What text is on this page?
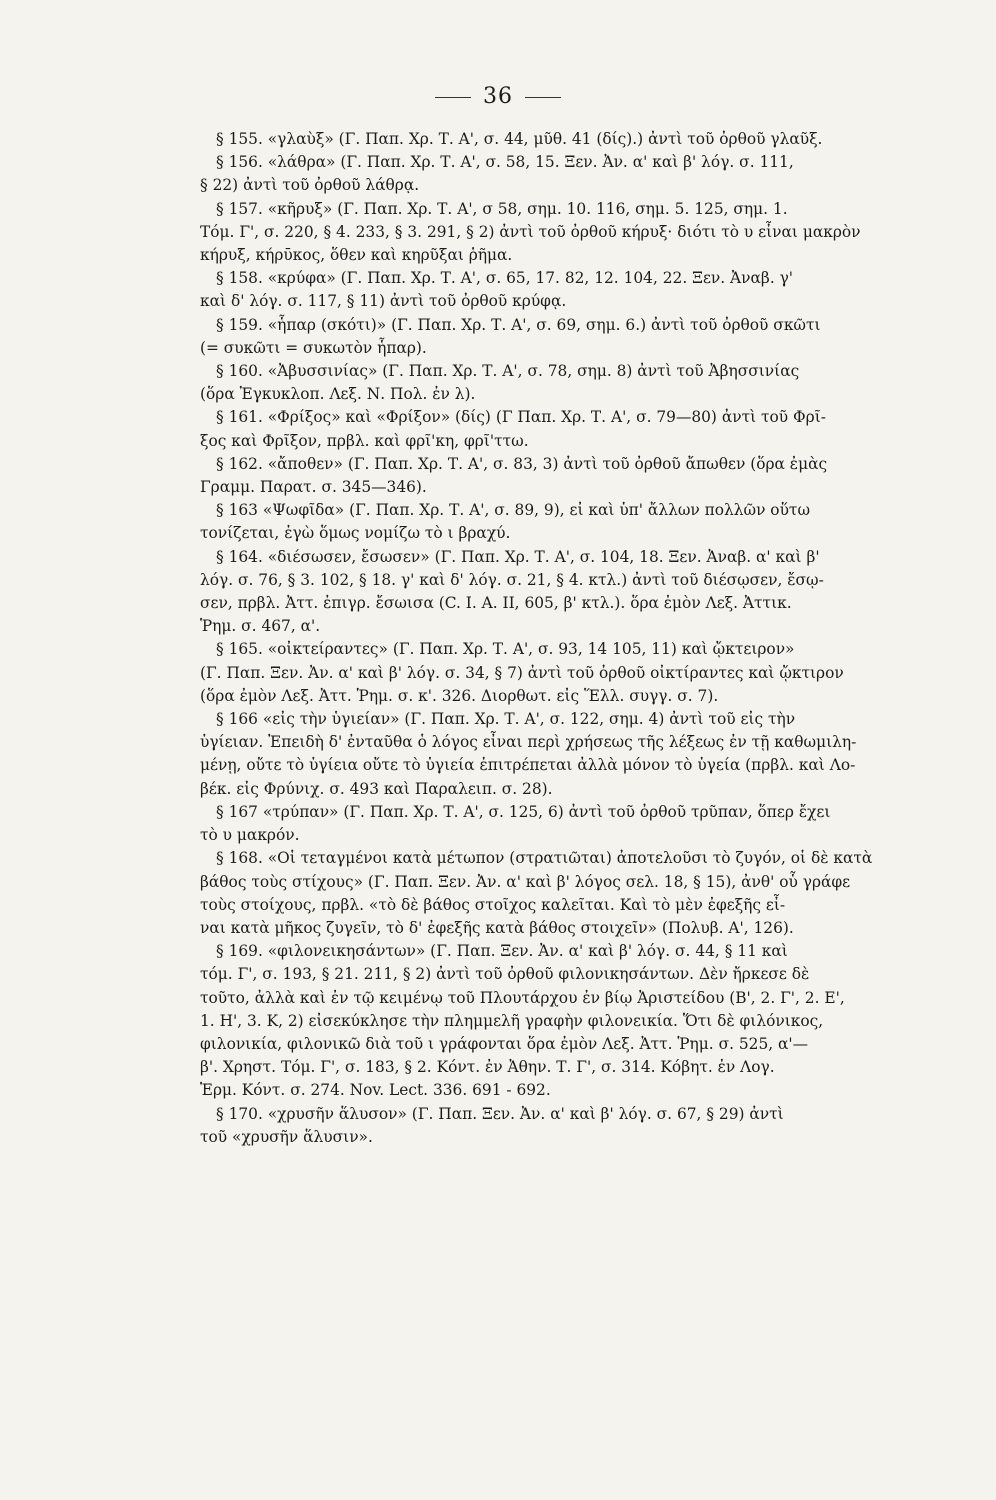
36
§ 155. «γλαὺξ» (Γ. Παπ. Χρ. Τ. Α', σ. 44, μῦθ. 41 (δίς).) ἀντὶ τοῦ ὀρθοῦ γλαῦξ.
§ 156. «λάθρα» (Γ. Παπ. Χρ. Τ. Α', σ. 58, 15. Ξεν. Ἀν. α' καὶ β' λόγ. σ. 111,
§ 22) ἀντὶ τοῦ ὀρθοῦ λάθρᾳ.
§ 157. «κῆρυξ» (Γ. Παπ. Χρ. Τ. Α', σ 58, σημ. 10. 116, σημ. 5. 125, σημ. 1.
Τόμ. Γ', σ. 220, § 4. 233, § 3. 291, § 2) ἀντὶ τοῦ ὀρθοῦ κήρυξ· διότι τὸ υ εἶναι μακρὸν
κήρυξ, κήρῡκος, ὅθεν καὶ κηρῦξαι ῥῆμα.
§ 158. «κρύφα» (Γ. Παπ. Χρ. Τ. Α', σ. 65, 17. 82, 12. 104, 22. Ξεν. Ἀναβ. γ'
καὶ δ' λόγ. σ. 117, § 11) ἀντὶ τοῦ ὀρθοῦ κρύφᾳ.
§ 159. «ἧπαρ (σκότι)» (Γ. Παπ. Χρ. Τ. Α', σ. 69, σημ. 6.) ἀντὶ τοῦ ὀρθοῦ σκῶτι
(= συκῶτι = συκωτὸν ἧπαρ).
§ 160. «Ἀβυσσινίας» (Γ. Παπ. Χρ. Τ. Α', σ. 78, σημ. 8) ἀντὶ τοῦ Ἀβησσινίας
(ὅρα Ἐγκυκλοπ. Λεξ. Ν. Πολ. ἐν λ).
§ 161. «Φρίξος» καὶ «Φρίξον» (δίς) (Γ Παπ. Χρ. Τ. Α', σ. 79—80) ἀντὶ τοῦ Φρῖ-
ξος καὶ Φρῖξον, πρβλ. καὶ φρῖ'κη, φρῖ'ττω.
§ 162. «ἄποθεν» (Γ. Παπ. Χρ. Τ. Α', σ. 83, 3) ἀντὶ τοῦ ὀρθοῦ ἄπωθεν (ὅρα ἐμὰς
Γραμμ. Παρατ. σ. 345—346).
§ 163 «Ψωφῖδα» (Γ. Παπ. Χρ. Τ. Α', σ. 89, 9), εἰ καὶ ὑπ' ἄλλων πολλῶν οὕτω
τονίζεται, ἐγὼ ὅμως νομίζω τὸ ι βραχύ.
§ 164. «διέσωσεν, ἔσωσεν» (Γ. Παπ. Χρ. Τ. Α', σ. 104, 18. Ξεν. Ἀναβ. α' καὶ β'
λόγ. σ. 76, § 3. 102, § 18. γ' καὶ δ' λόγ. σ. 21, § 4. κτλ.) ἀντὶ τοῦ διέσῳσεν, ἔσῳ-
σεν, πρβλ. Ἀττ. ἐπιγρ. ἔσωισα (C. I. A. II, 605, β' κτλ.). ὅρα ἐμὸν Λεξ. Ἀττικ.
Ῥημ. σ. 467, α'.
§ 165. «οἰκτείραντες» (Γ. Παπ. Χρ. Τ. Α', σ. 93, 14 105, 11) καὶ ᾤκτειρον»
(Γ. Παπ. Ξεν. Ἀν. α' καὶ β' λόγ. σ. 34, § 7) ἀντὶ τοῦ ὀρθοῦ οἰκτίραντες καὶ ᾤκτιρον
(ὅρα ἐμὸν Λεξ. Ἀττ. Ῥημ. σ. κ'. 326. Διορθωτ. εἰς Ἕλλ. συγγ. σ. 7).
§ 166 «εἰς τὴν ὑγιείαν» (Γ. Παπ. Χρ. Τ. Α', σ. 122, σημ. 4) ἀντὶ τοῦ εἰς τὴν
ὑγίειαν. Ἐπειδὴ δ' ἐνταῦθα ὁ λόγος εἶναι περὶ χρήσεως τῆς λέξεως ἐν τῇ καθωμιλη-
μένῃ, οὔτε τὸ ὑγίεια οὔτε τὸ ὑγιεία ἐπιτρέπεται ἀλλὰ μόνον τὸ ὑγεία (πρβλ. καὶ Λο-
βέκ. εἰς Φρύνιχ. σ. 493 καὶ Παραλειπ. σ. 28).
§ 167 «τρύπαν» (Γ. Παπ. Χρ. Τ. Α', σ. 125, 6) ἀντὶ τοῦ ὀρθοῦ τρῦπαν, ὅπερ ἔχει
τὸ υ μακρόν.
§ 168. «Οἱ τεταγμένοι κατὰ μέτωπον (στρατιῶται) ἀποτελοῦσι τὸ ζυγόν, οἱ δὲ κατὰ
βάθος τοὺς στίχους» (Γ. Παπ. Ξεν. Ἀν. α' καὶ β' λόγος σελ. 18, § 15), ἀνθ' οὗ γράφε
τοὺς στοίχους, πρβλ. «τὸ δὲ βάθος στοῖχος καλεῖται. Καὶ τὸ μὲν ἐφεξῆς εἶ-
ναι κατὰ μῆκος ζυγεῖν, τὸ δ' ἐφεξῆς κατὰ βάθος στοιχεῖν» (Πολυβ. Α', 126).
§ 169. «φιλονεικησάντων» (Γ. Παπ. Ξεν. Ἀν. α' καὶ β' λόγ. σ. 44, § 11 καὶ
τόμ. Γ', σ. 193, § 21. 211, § 2) ἀντὶ τοῦ ὀρθοῦ φιλονικησάντων. Δὲν ἤρκεσε δὲ
τοῦτο, ἀλλὰ καὶ ἐν τῷ κειμένῳ τοῦ Πλουτάρχου ἐν βίῳ Ἀριστείδου (Β', 2. Γ', 2. Ε',
1. Η', 3. Κ, 2) εἰσεκύκλησε τὴν πλημμελῆ γραφὴν φιλονεικία. Ὅτι δὲ φιλόνικος,
φιλονικία, φιλονικῶ διὰ τοῦ ι γράφονται ὅρα ἐμὸν Λεξ. Ἀττ. Ῥημ. σ. 525, α'—
β'. Χρηστ. Τόμ. Γ', σ. 183, § 2. Κόντ. ἐν Ἀθην. Τ. Γ', σ. 314. Κόβητ. ἐν Λογ.
Ἑρμ. Κόντ. σ. 274. Nov. Lect. 336. 691 - 692.
§ 170. «χρυσῆν ἅλυσον» (Γ. Παπ. Ξεν. Ἀν. α' καὶ β' λόγ. σ. 67, § 29) ἀντὶ
τοῦ «χρυσῆν ἅλυσιν».
